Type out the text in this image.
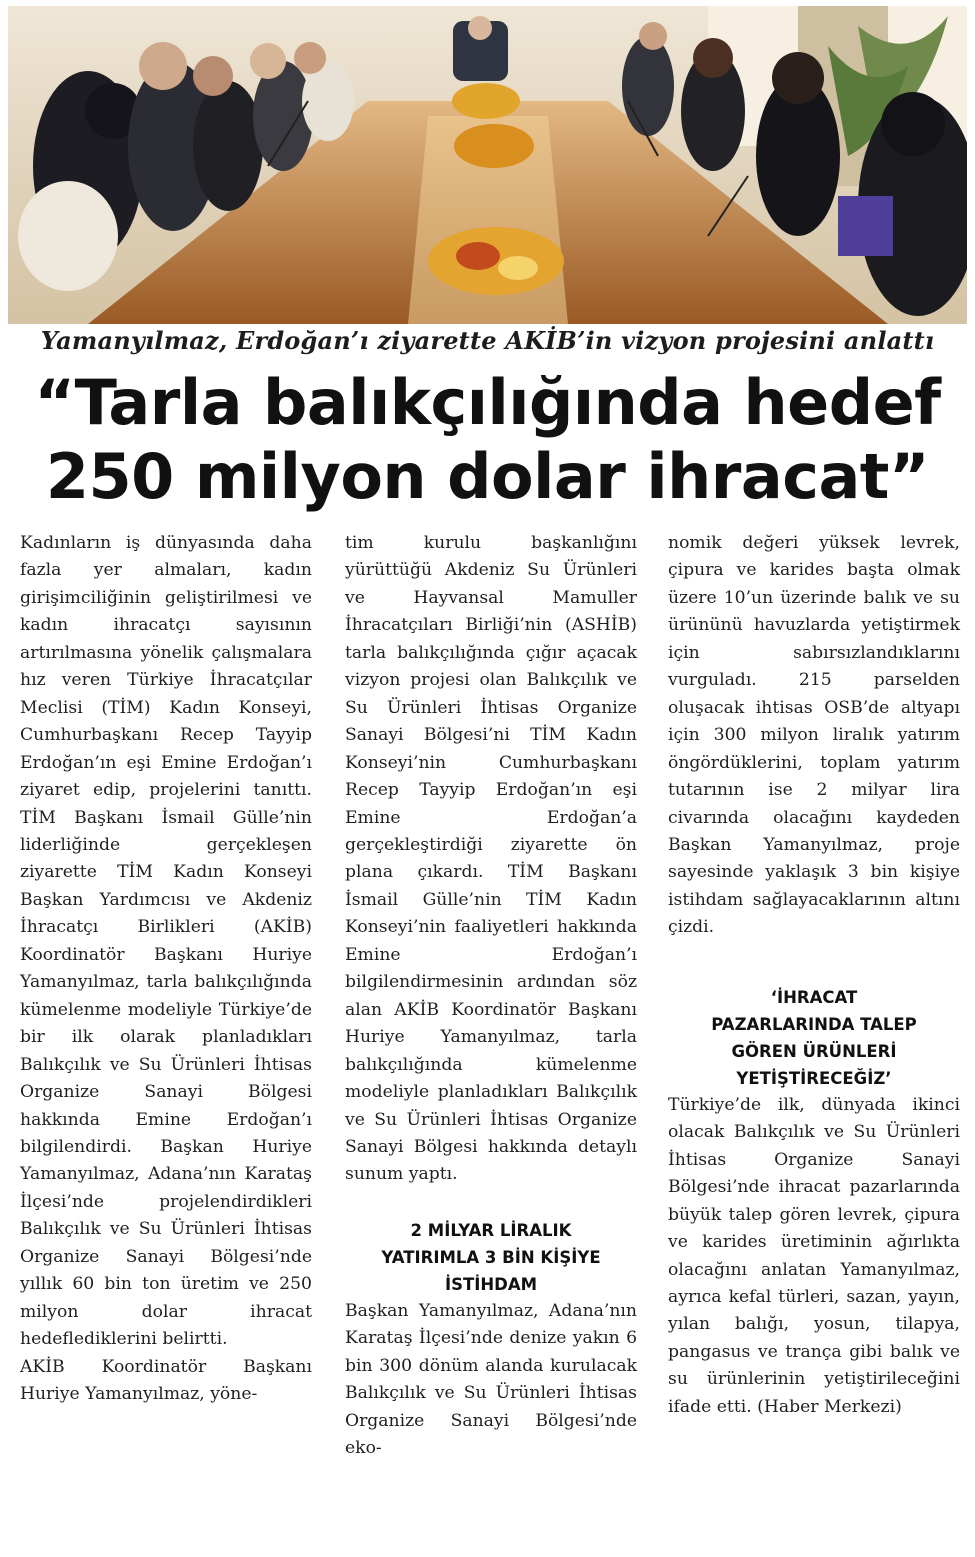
Yamanyılmaz, Erdoğan’ı ziyarette AKİB’in vizyon projesini anlattı
“Tarla balıkçılığında hedef
250 milyon dolar ihracat”

Kadınların iş dünyasında daha fazla yer almaları, kadın girişimciliğinin geliştirilmesi ve kadın ihracatçı sayısının artırılmasına yönelik çalışmalara hız veren Türkiye İhracatçılar Meclisi (TİM) Kadın Konseyi, Cumhurbaşkanı Recep Tayyip Erdoğan’ın eşi Emine Erdoğan’ı ziyaret edip, projelerini tanıttı. TİM Başkanı İsmail Gülle’nin liderliğinde gerçekleşen ziyarette TİM Kadın Konseyi Başkan Yardımcısı ve Akdeniz İhracatçı Birlikleri (AKİB) Koordinatör Başkanı Huriye Yamanyılmaz, tarla balıkçılığında kümelenme modeliyle Türkiye’de bir ilk olarak planladıkları Balıkçılık ve Su Ürünleri İhtisas Organize Sanayi Bölgesi hakkında Emine Erdoğan’ı bilgilendirdi. Başkan Huriye Yamanyılmaz, Adana’nın Karataş İlçesi’nde projelendirdikleri Balıkçılık ve Su Ürünleri İhtisas Organize Sanayi Bölgesi’nde yıllık 60 bin ton üretim ve 250 milyon dolar ihracat hedeflediklerini belirtti.

AKİB Koordinatör Başkanı Huriye Yamanyılmaz, yöne-

tim kurulu başkanlığını yürüttüğü Akdeniz Su Ürünleri ve Hayvansal Mamuller İhracatçıları Birliği’nin (ASHİB) tarla balıkçılığında çığır açacak vizyon projesi olan Balıkçılık ve Su Ürünleri İhtisas Organize Sanayi Bölgesi’ni TİM Kadın Konseyi’nin Cumhurbaşkanı Recep Tayyip Erdoğan’ın eşi Emine Erdoğan’a gerçekleştirdiği ziyarette ön plana çıkardı. TİM Başkanı İsmail Gülle’nin TİM Kadın Konseyi’nin faaliyetleri hakkında Emine Erdoğan’ı bilgilendirmesinin ardından söz alan AKİB Koordinatör Başkanı Huriye Yamanyılmaz, tarla balıkçılığında kümelenme modeliyle planladıkları Balıkçılık ve Su Ürünleri İhtisas Organize Sanayi Bölgesi hakkında detaylı sunum yaptı.

2 MİLYAR LİRALIK
YATIRIMLA 3 BİN KİŞİYE
İSTİHDAM

Başkan Yamanyılmaz, Adana’nın Karataş İlçesi’nde denize yakın 6 bin 300 dönüm alanda kurulacak Balıkçılık ve Su Ürünleri İhtisas Organize Sanayi Bölgesi’nde eko-

nomik değeri yüksek levrek, çipura ve karides başta olmak üzere 10’un üzerinde balık ve su ürününü havuzlarda yetiştirmek için sabırsızlandıklarını vurguladı. 215 parselden oluşacak ihtisas OSB’de altyapı için 300 milyon liralık yatırım öngördüklerini, toplam yatırım tutarının ise 2 milyar lira civarında olacağını kaydeden Başkan Yamanyılmaz, proje sayesinde yaklaşık 3 bin kişiye istihdam sağlayacaklarının altını çizdi.

‘İHRACAT
PAZARLARINDA TALEP
GÖREN ÜRÜNLERİ
YETİŞTİRECEĞİZ’

Türkiye’de ilk, dünyada ikinci olacak Balıkçılık ve Su Ürünleri İhtisas Organize Sanayi Bölgesi’nde ihracat pazarlarında büyük talep gören levrek, çipura ve karides üretiminin ağırlıkta olacağını anlatan Yamanyılmaz, ayrıca kefal türleri, sazan, yayın, yılan balığı, yosun, tilapya, pangasus ve trança gibi balık ve su ürünlerinin yetiştirileceğini ifade etti. (Haber Merkezi)
